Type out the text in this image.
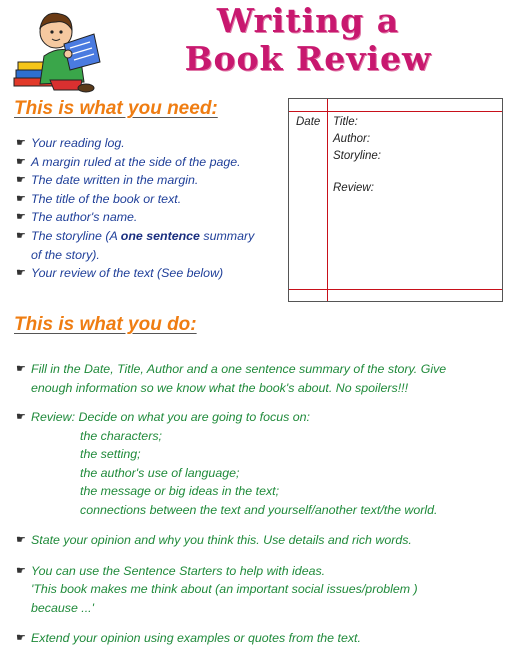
Writing a
Book Review
This is what you need:
☛ Your reading log.
☛ A margin ruled at the side of the page.
☛ The date written in the margin.
☛ The title of the book or text.
☛ The author's name.
☛ The storyline (A one sentence summary
of the story).
☛ Your review of the text (See below)
Date Title:
Author:
Storyline:
Review:
This is what you do:
☛ Fill in the Date, Title, Author and a one sentence summary of the story. Give
enough information so we know what the book's about. No spoilers!!!
☛ Review: Decide on what you are going to focus on:
the characters;
the setting;
the author's use of language;
the message or big ideas in the text;
connections between the text and yourself/another text/the world.
☛ State your opinion and why you think this. Use details and rich words.
☛ You can use the Sentence Starters to help with ideas.
'This book makes me think about (an important social issues/problem )
because ...'
☛ Extend your opinion using examples or quotes from the text.
